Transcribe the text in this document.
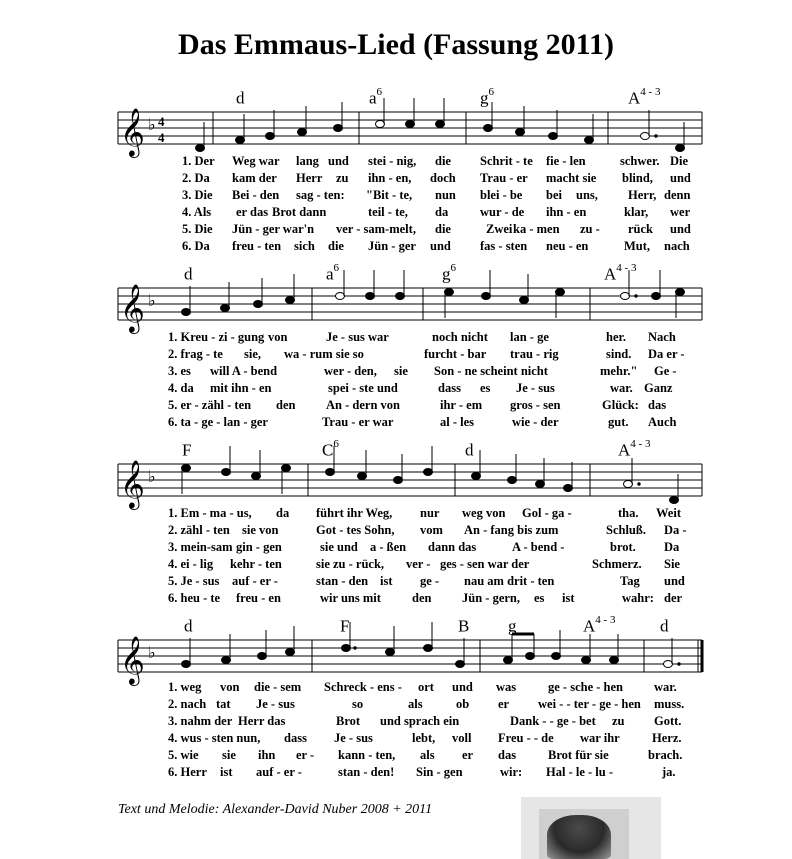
Das Emmaus-Lied (Fassung 2011)
𝄞 ♭ 4
4
d	$a^6$	$g^6$	$A^{4 - 3}$
1. Der Weg war lang und stei - nig, die Schrit - te fie - len	schwer. Die
2. Da kam der Herr zu ihn - en, doch Trau - er macht sie blind, und
3. Die Bei - den sag - ten: "Bit - te, nun blei - be bei uns, Herr, denn
4. Als er das Brot dann	teil - te, da	wur - de ihn - en	klar, wer
5. Die Jün - ger war'n ver - sam-melt, die	Zwei ka - men zu - rück und
6. Da freu - ten sich die Jün - ger und fas - sten neu - en	Mut, nach
𝄞 ♭
d	$a^6$	$g^6$	$A^{4 - 3}$
1. Kreu - zi - gung von	Je - sus war	noch nicht lan - ge	her. Nach
2. frag - te sie, wa - rum sie so	furcht - bar trau - rig	sind. Da er -
3. es will A - bend	wer - den, sie Son - ne scheint nicht	mehr." Ge -
4. da mit ihn - en	spei - ste und	dass es Je - sus	war. Ganz
5. er - zähl - ten den An - dern von	ihr - em gros - sen	Glück: das
6. ta - ge - lan - ger	Trau - er war	al - les	wie - der	gut. Auch
𝄞 ♭
F	$C^6$	d	$A^{4 - 3}$
1. Em - ma - us, da führt ihr Weg, nur weg von Gol - ga -	tha. Weit
2. zähl - ten sie von	Got - tes Sohn, vom An - fang bis zum	Schluß. Da -
3. mein-sam gin - gen	sie und a - ßen dann das	A - bend -	brot. Da
4. ei - lig kehr - ten	sie zu - rück, ver - ges - sen war der	Schmerz. Sie
5. Je - sus auf - er -	stan - den ist ge - nau am drit - ten	Tag und
6. heu - te freu - en	wir uns mit den Jün - gern, es ist	wahr: der
𝄞 ♭
d	F	B g	$A^{4 - 3}$	d
1. weg von die - sem Schreck - ens - ort und was	ge - sche - hen war.
2. nach tat Je - sus	so	als	ob er wei - - ter - ge - hen muss.
3. nahm der Herr das	Brot und sprach ein	Dank - - ge - bet zu Gott.
4. wus - sten nun, dass Je - sus	lebt, voll Freu - - de war ihr	Herz.
5. wie sie ihn er - kann - ten, als er das	Brot für sie	brach.
6. Herr ist auf - er -	stan - den! Sin - gen	wir: Hal - le - lu -	ja.
Text und Melodie: Alexander-David Nuber 2008 + 2011
